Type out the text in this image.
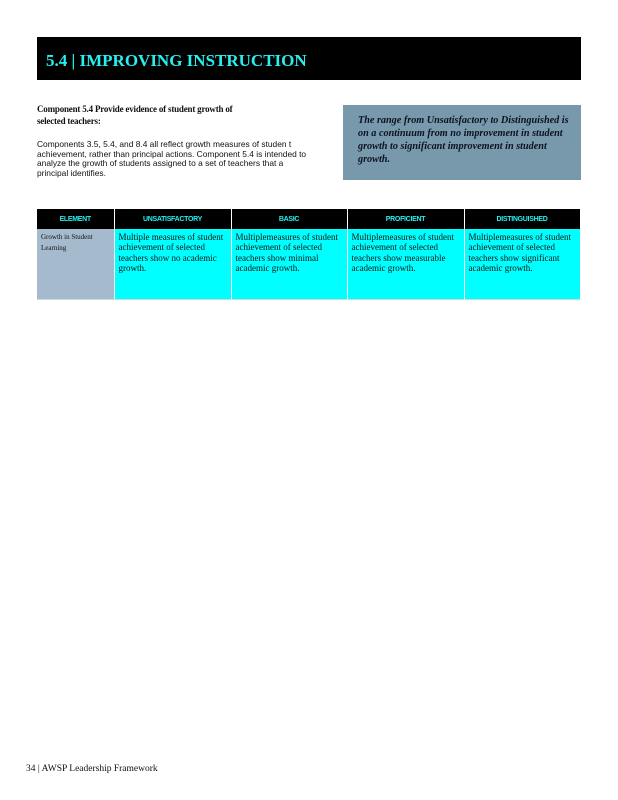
5.4 | IMPROVING INSTRUCTION
Component 5.4 Provide evidence of student growth of selected teachers:
Components 3.5, 5.4, and 8.4 all reflect growth measures of studen t achievement, rather than principal actions. Component 5.4 is intended to analyze the growth of students assigned to a set of teachers that a principal identifies.
The range from Unsatisfactory to Distinguished is on a continuum from no improvement in student growth to significant improvement in student growth.
ELEMENT	UNSATISFACTORY	BASIC	PROFICIENT	DISTINGUISHED
Growth in Student Learning	Multiple measures of student achievement of selected teachers show no academic growth.	Multiplemeasures of student achievement of selected teachers show minimal academic growth.	Multiplemeasures of student achievement of selected teachers show measurable academic growth.	Multiplemeasures of student achievement of selected teachers show significant academic growth.
34 | AWSP Leadership Framework
